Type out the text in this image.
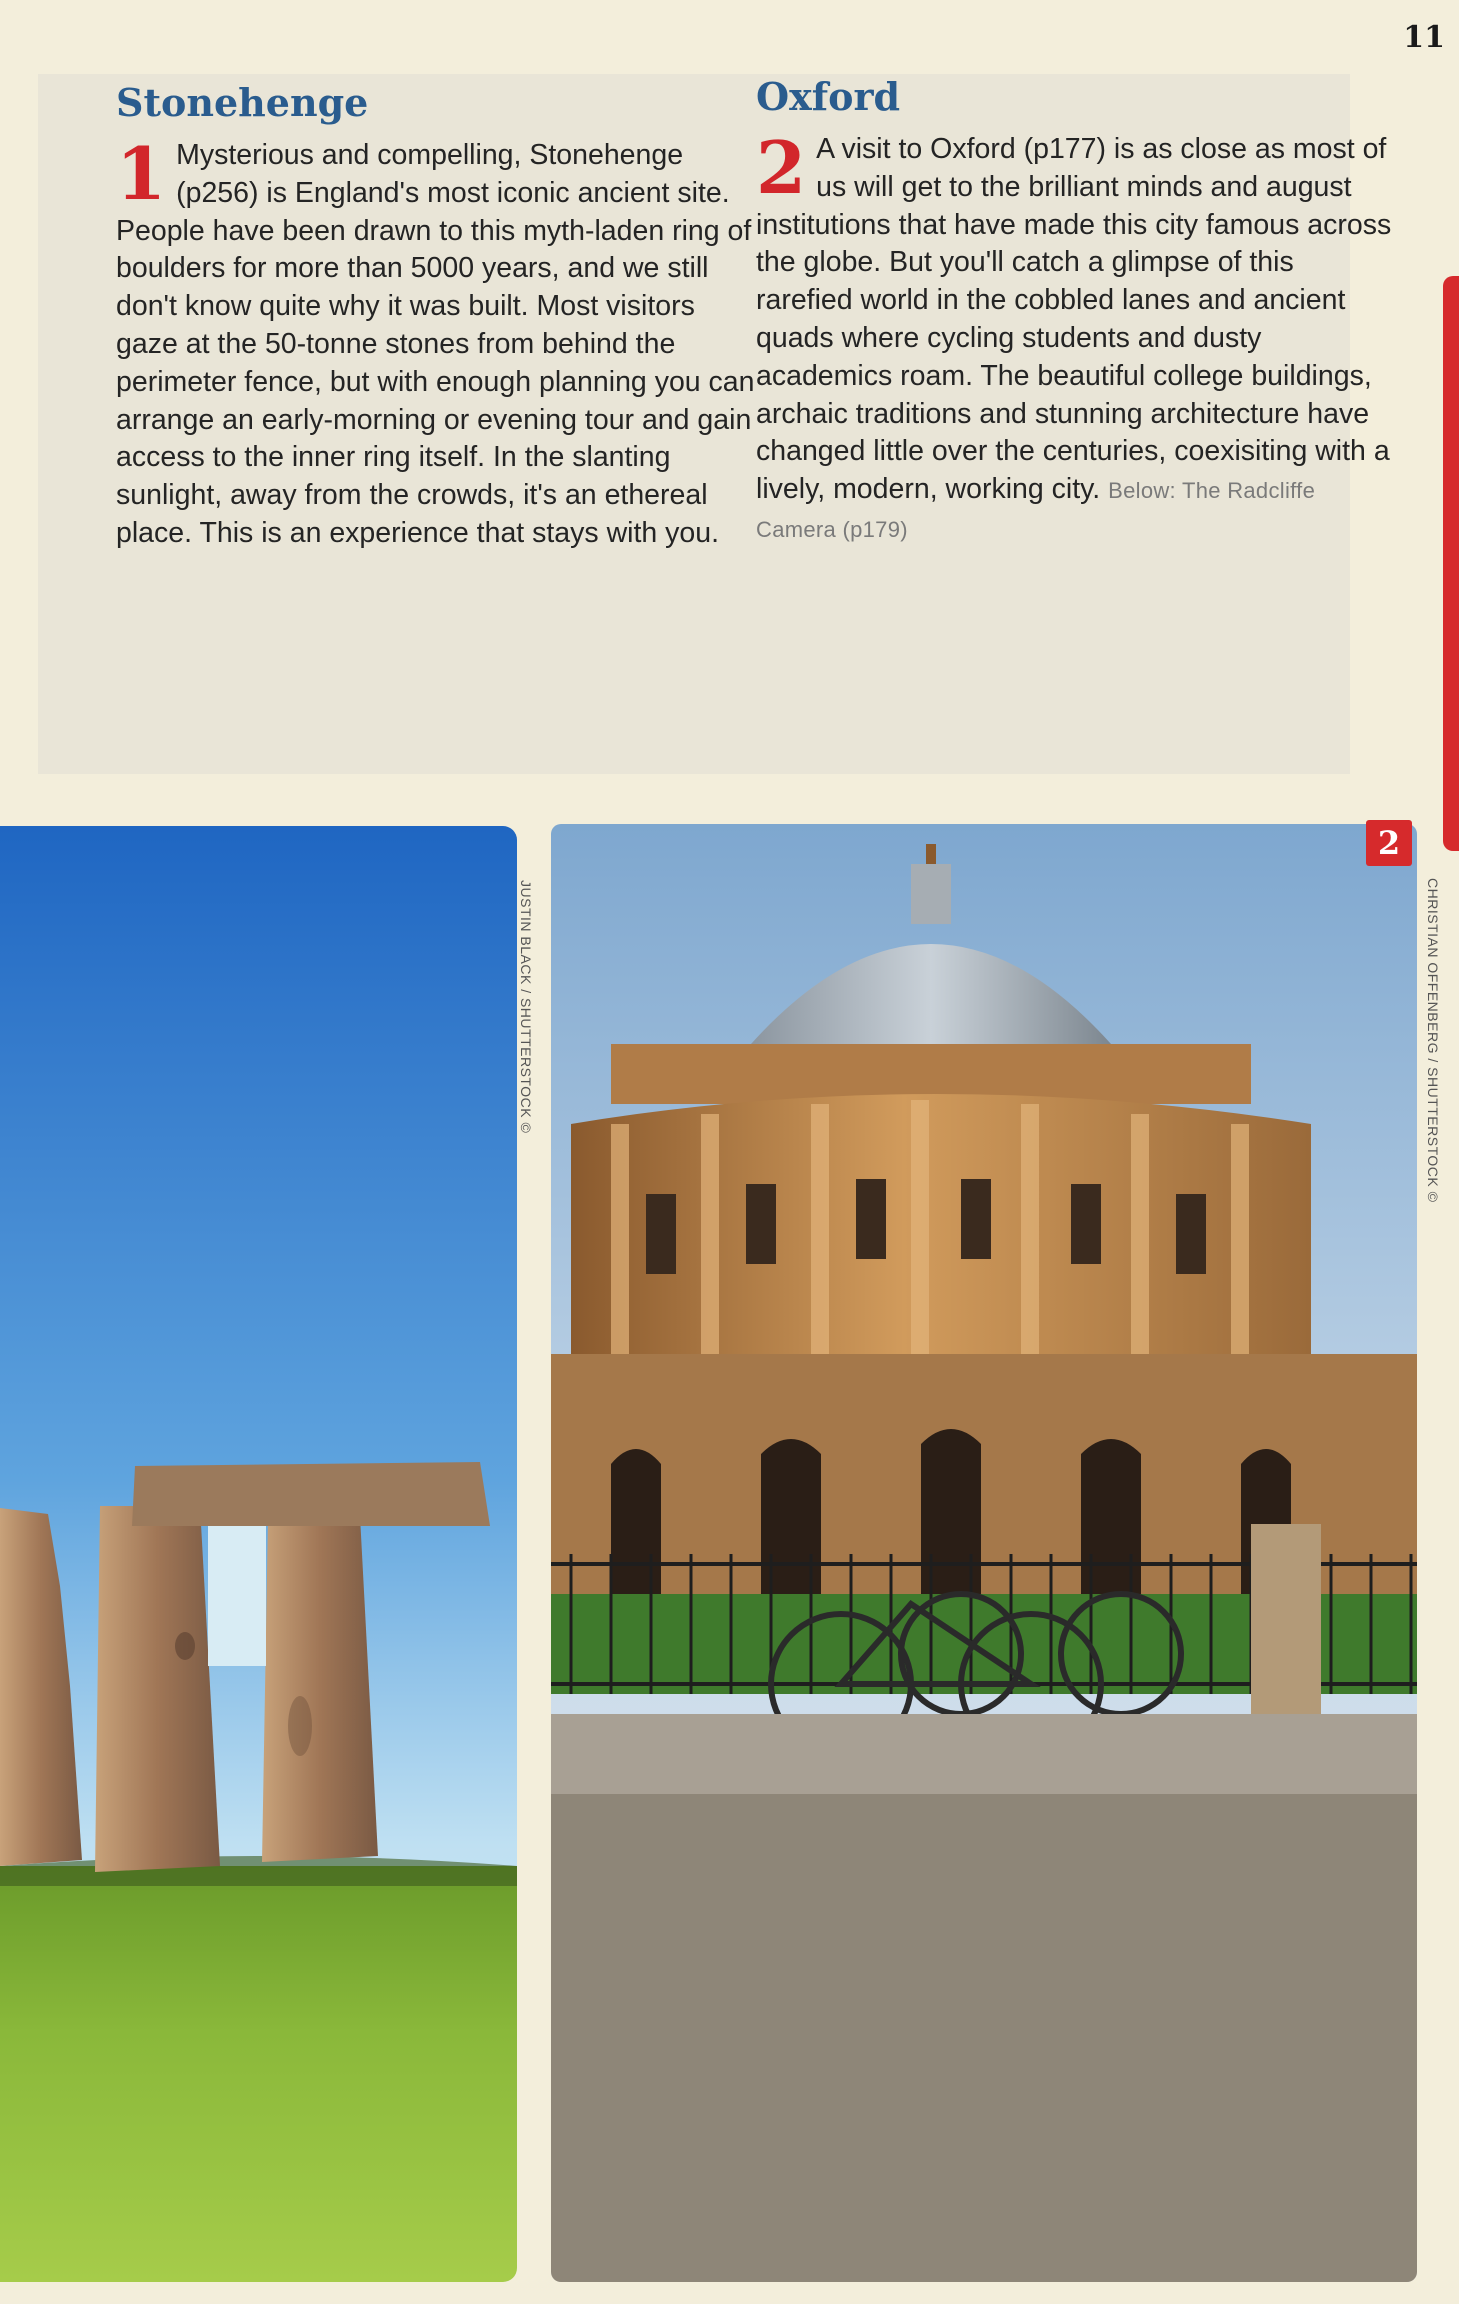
11
Stonehenge

1 Mysterious and compelling, Stonehenge (p256) is England's most iconic ancient site. People have been drawn to this myth-laden ring of boulders for more than 5000 years, and we still don't know quite why it was built. Most visitors gaze at the 50-tonne stones from behind the perimeter fence, but with enough planning you can arrange an early-morning or evening tour and gain access to the inner ring itself. In the slanting sunlight, away from the crowds, it's an ethereal place. This is an experience that stays with you.

Oxford

2 A visit to Oxford (p177) is as close as most of us will get to the brilliant minds and august institutions that have made this city famous across the globe. But you'll catch a glimpse of this rarefied world in the cobbled lanes and ancient quads where cycling students and dusty academics roam. The beautiful college buildings, archaic traditions and stunning architecture have changed little over the centuries, coexisiting with a lively, modern, working city. Below: The Radcliffe Camera (p179)

JUSTIN BLACK / SHUTTERSTOCK ©
2
CHRISTIAN OFFENBERG / SHUTTERSTOCK ©
